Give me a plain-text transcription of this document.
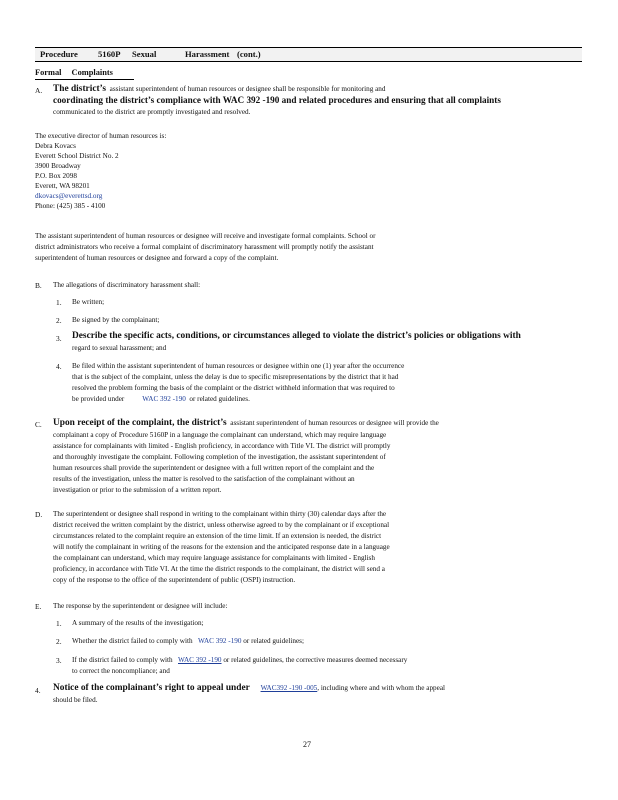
Procedure 5160P Sexual	Harassment (cont.)
Formal Complaints
A. The district’s assistant superintendent of human resources or designee shall be responsible for monitoring and
coordinating the district’s compliance with WAC 392 -190 and related procedures and ensuring that all complaints
communicated to the district are promptly investigated and resolved.
The executive director of human resources is:
Debra Kovacs
Everett School District No. 2
3900 Broadway
P.O. Box 2098
Everett, WA 98201
dkovacs@everettsd.org
Phone: (425) 385 - 4100
The assistant superintendent of human resources or designee will receive and investigate formal complaints. School or
district administrators who receive a formal complaint of discriminatory harassment will promptly notify the assistant
superintendent of human resources or designee and forward a copy of the complaint.
B. The allegations of discriminatory harassment shall:
1. Be written;
2. Be signed by the complainant;
3. Describe the specific acts, conditions, or circumstances alleged to violate the district’s policies or obligations with
regard to sexual harassment; and
4. Be filed within the assistant superintendent of human resources or designee within one (1) year after the occurrence
that is the subject of the complaint, unless the delay is due to specific misrepresentations by the district that it had
resolved the problem forming the basis of the complaint or the district withheld information that was required to
be provided under WAC 392 -190 or related guidelines.
C. Upon receipt of the complaint, the district’s assistant superintendent of human resources or designee will provide the
complainant a copy of Procedure 5160P in a language the complainant can understand, which may require language
assistance for complainants with limited - English proficiency, in accordance with Title VI. The district will promptly
and thoroughly investigate the complaint. Following completion of the investigation, the assistant superintendent of
human resources shall provide the superintendent or designee with a full written report of the complaint and the
results of the investigation, unless the matter is resolved to the satisfaction of the complainant without an
investigation or prior to the submission of a written report.
D. The superintendent or designee shall respond in writing to the complainant within thirty (30) calendar days after the
district received the written complaint by the district, unless otherwise agreed to by the complainant or if exceptional
circumstances related to the complaint require an extension of the time limit. If an extension is needed, the district
will notify the complainant in writing of the reasons for the extension and the anticipated response date in a language
the complainant can understand, which may require language assistance for complainants with limited - English
proficiency, in accordance with Title VI. At the time the district responds to the complainant, the district will send a
copy of the response to the office of the superintendent of public (OSPI) instruction.
E. The response by the superintendent or designee will include:
1. A summary of the results of the investigation;
2. Whether the district failed to comply with WAC 392 -190 or related guidelines;
3. If the district failed to comply with WAC 392 -190 or related guidelines, the corrective measures deemed necessary
to correct the noncompliance; and
4. Notice of the complainant’s right to appeal under WAC392 -190 -005, including where and with whom the appeal
should be filed.
27
